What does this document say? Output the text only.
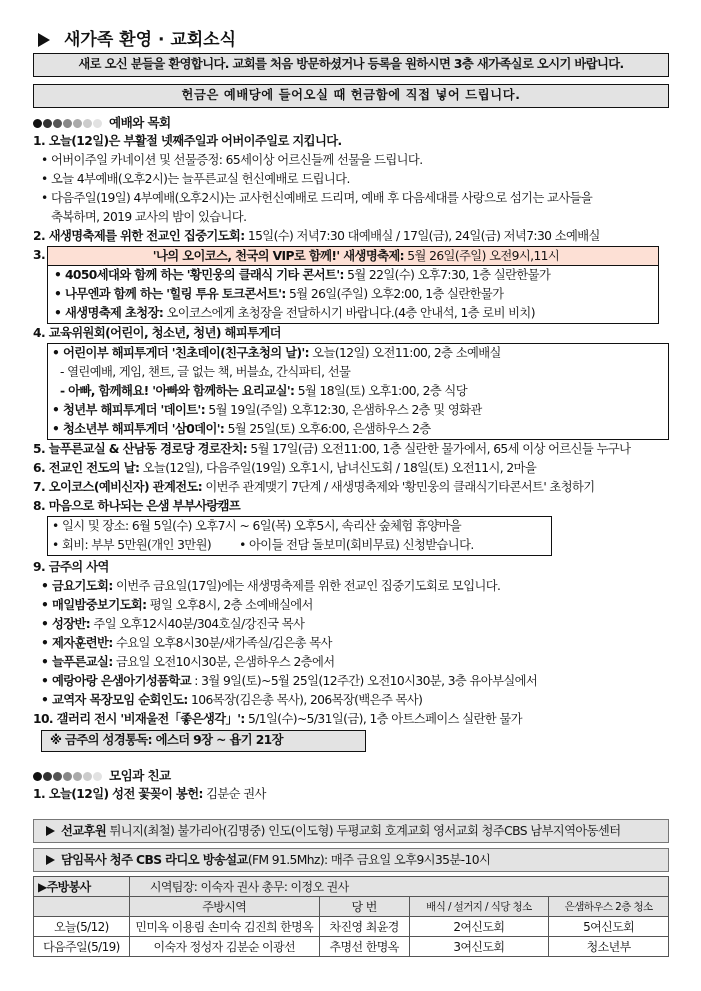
새가족 환영 · 교회소식
새로 오신 분들을 환영합니다. 교회를 처음 방문하셨거나 등록을 원하시면 3층 새가족실로 오시기 바랍니다.
헌금은 예배당에 들어오실 때 헌금함에 직접 넣어 드립니다.
예배와 목회
1. 오늘(12일)은 부활절 넷째주일과 어버이주일로 지킵니다.
• 어버이주일 카네이션 및 선물증정: 65세이상 어르신들께 선물을 드립니다.
• 오늘 4부예배(오후2시)는 늘푸른교실 헌신예배로 드립니다.
• 다음주일(19일) 4부예배(오후2시)는 교사헌신예배로 드리며, 예배 후 다음세대를 사랑으로 섬기는 교사들을
축복하며, 2019 교사의 밤이 있습니다.
2. 새생명축제를 위한 전교인 집중기도회: 15일(수) 저녁7:30 대예배실 / 17일(금), 24일(금) 저녁7:30 소예배실
3.	'나의 오이코스, 천국의 VIP로 함께!' 새생명축제: 5월 26일(주일) 오전9시,11시
• 4050세대와 함께 하는 '황민웅의 클래식 기타 콘서트': 5월 22일(수) 오후7:30, 1층 실란한물가
• 나무엔과 함께 하는 '힐링 투유 토크콘서트': 5월 26일(주일) 오후2:00, 1층 실란한물가
• 새생명축제 초청장: 오이코스에게 초청장을 전달하시기 바랍니다.(4층 안내석, 1층 로비 비치)
4. 교육위원회(어린이, 청소년, 청년) 해피투게더
• 어린이부 해피투게더 '친초데이(친구초청의 날)': 오늘(12일) 오전11:00, 2층 소예배실
- 열린예배, 게임, 챈트, 글 없는 책, 버블쇼, 간식파티, 선물
- 아빠, 함께해요! '아빠와 함께하는 요리교실': 5월 18일(토) 오후1:00, 2층 식당
• 청년부 해피투게더 '데이트': 5월 19일(주일) 오후12:30, 은샘하우스 2층 및 영화관
• 청소년부 해피투게더 '삼0데이': 5월 25일(토) 오후6:00, 은샘하우스 2층
5. 늘푸른교실 & 산남동 경로당 경로잔치: 5월 17일(금) 오전11:00, 1층 실란한 물가에서, 65세 이상 어르신들 누구나
6. 전교인 전도의 날: 오늘(12일), 다음주일(19일) 오후1시, 남녀신도회 / 18일(토) 오전11시, 2마을
7. 오이코스(예비신자) 관계전도: 이번주 관계맺기 7단계 / 새생명축제와 '황민웅의 클래식기타콘서트' 초청하기
8. 마음으로 하나되는 은샘 부부사랑캠프
• 일시 및 장소: 6월 5일(수) 오후7시 ~ 6일(목) 오후5시, 속리산 숲체험 휴양마을
• 회비: 부부 5만원(개인 3만원) • 아이들 전담 돌보미(회비무료) 신청받습니다.
9. 금주의 사역
• 금요기도회: 이번주 금요일(17일)에는 새생명축제를 위한 전교인 집중기도회로 모입니다.
• 매일밤중보기도회: 평일 오후8시, 2층 소예배실에서
• 성장반: 주일 오후12시40분/304호실/강진국 목사
• 제자훈련반: 수요일 오후8시30분/새가족실/김은총 목사
• 늘푸른교실: 금요일 오전10시30분, 은샘하우스 2층에서
• 예랑아랑 은샘아기성품학교 : 3월 9일(토)~5월 25일(12주간) 오전10시30분, 3층 유아부실에서
• 교역자 목장모임 순회인도: 106목장(김은총 목사), 206목장(백은주 목사)
10. 갤러리 전시 '비재울전「좋은생각」': 5/1일(수)~5/31일(금), 1층 아트스페이스 실란한 물가
※ 금주의 성경통독: 에스더 9장 ~ 욥기 21장
모임과 친교
1. 오늘(12일) 성전 꽃꽂이 봉헌: 김분순 권사
선교후원 튀니지(최철) 불가리아(김명중) 인도(이도형) 두평교회 호계교회 영서교회 청주CBS 남부지역아동센터
담임목사 청주 CBS 라디오 방송설교(FM 91.5Mhz): 매주 금요일 오후9시35분-10시
▶주방봉사	시역팀장: 이숙자 권사 총무: 이정오 권사			
	주방시역	당 번	배식 / 설거지 / 식당 청소	은샘하우스 2층 청소
오늘(5/12)	민미옥 이용림 손미숙 김진희 한명옥	차진영 최윤경	2여신도회	5여신도회
다음주일(5/19)	이숙자 정성자 김분순 이광선	추명선 한명옥	3여신도회	청소년부
